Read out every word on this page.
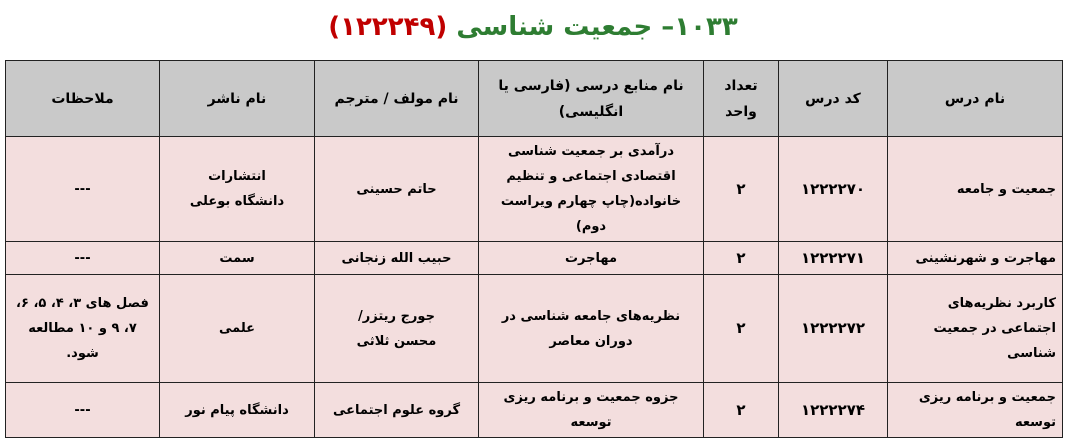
۱۰۳۳– جمعیت شناسی (۱۲۲۲۴۹)
نام درس	کد درس	تعداد واحد	نام منابع درسی (فارسی یا انگلیسی)	نام مولف / مترجم	نام ناشر	ملاحظات
جمعیت و جامعه	۱۲۲۲۲۷۰	۲	درآمدی بر جمعیت شناسی اقتصادی اجتماعی و تنظیم خانواده(چاپ چهارم ویراست دوم)	حاتم حسینی	انتشارات دانشگاه بوعلی	---
مهاجرت و شهرنشینی	۱۲۲۲۲۷۱	۲	مهاجرت	حبیب الله زنجانی	سمت	---
کاربرد نظریه‌های اجتماعی در جمعیت شناسی	۱۲۲۲۲۷۲	۲	نظریه‌های جامعه شناسی در دوران معاصر	جورج ریتزر/ محسن ثلاثی	علمی	فصل های ۳، ۴، ۵، ۶، ۷، ۹ و ۱۰ مطالعه شود.
جمعیت و برنامه ریزی توسعه	۱۲۲۲۲۷۴	۲	جزوه جمعیت و برنامه ریزی توسعه	گروه علوم اجتماعی	دانشگاه پیام نور	---
